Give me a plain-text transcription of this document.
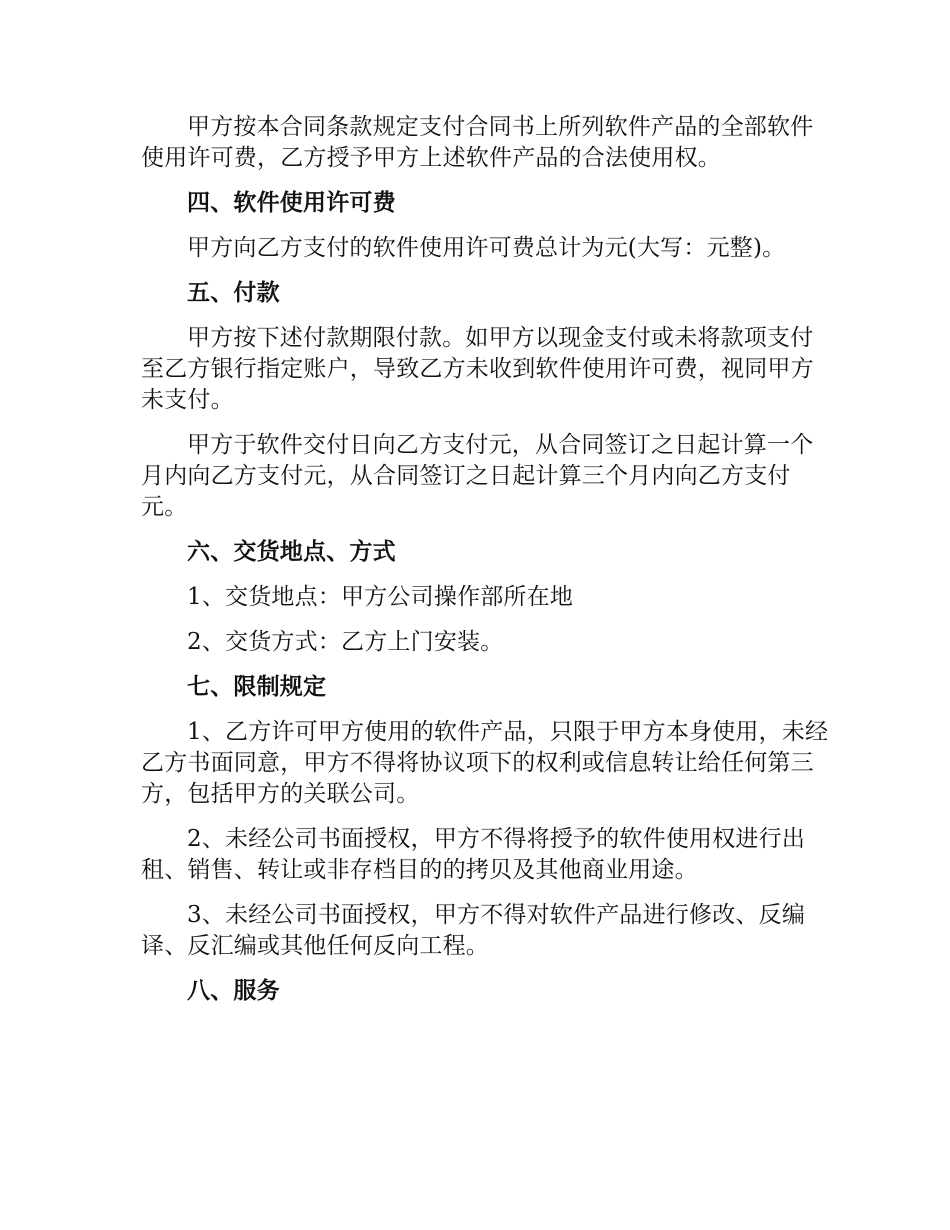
甲方按本合同条款规定支付合同书上所列软件产品的全部软件使用许可费，乙方授予甲方上述软件产品的合法使用权。

四、软件使用许可费

甲方向乙方支付的软件使用许可费总计为元(大写：元整)。

五、付款

甲方按下述付款期限付款。如甲方以现金支付或未将款项支付至乙方银行指定账户，导致乙方未收到软件使用许可费，视同甲方未支付。

甲方于软件交付日向乙方支付元，从合同签订之日起计算一个月内向乙方支付元，从合同签订之日起计算三个月内向乙方支付元。

六、交货地点、方式
1、交货地点：甲方公司操作部所在地
2、交货方式：乙方上门安装。
七、限制规定

1、乙方许可甲方使用的软件产品，只限于甲方本身使用，未经乙方书面同意，甲方不得将协议项下的权利或信息转让给任何第三方，包括甲方的关联公司。

2、未经公司书面授权，甲方不得将授予的软件使用权进行出租、销售、转让或非存档目的的拷贝及其他商业用途。

3、未经公司书面授权，甲方不得对软件产品进行修改、反编译、反汇编或其他任何反向工程。

八、服务
